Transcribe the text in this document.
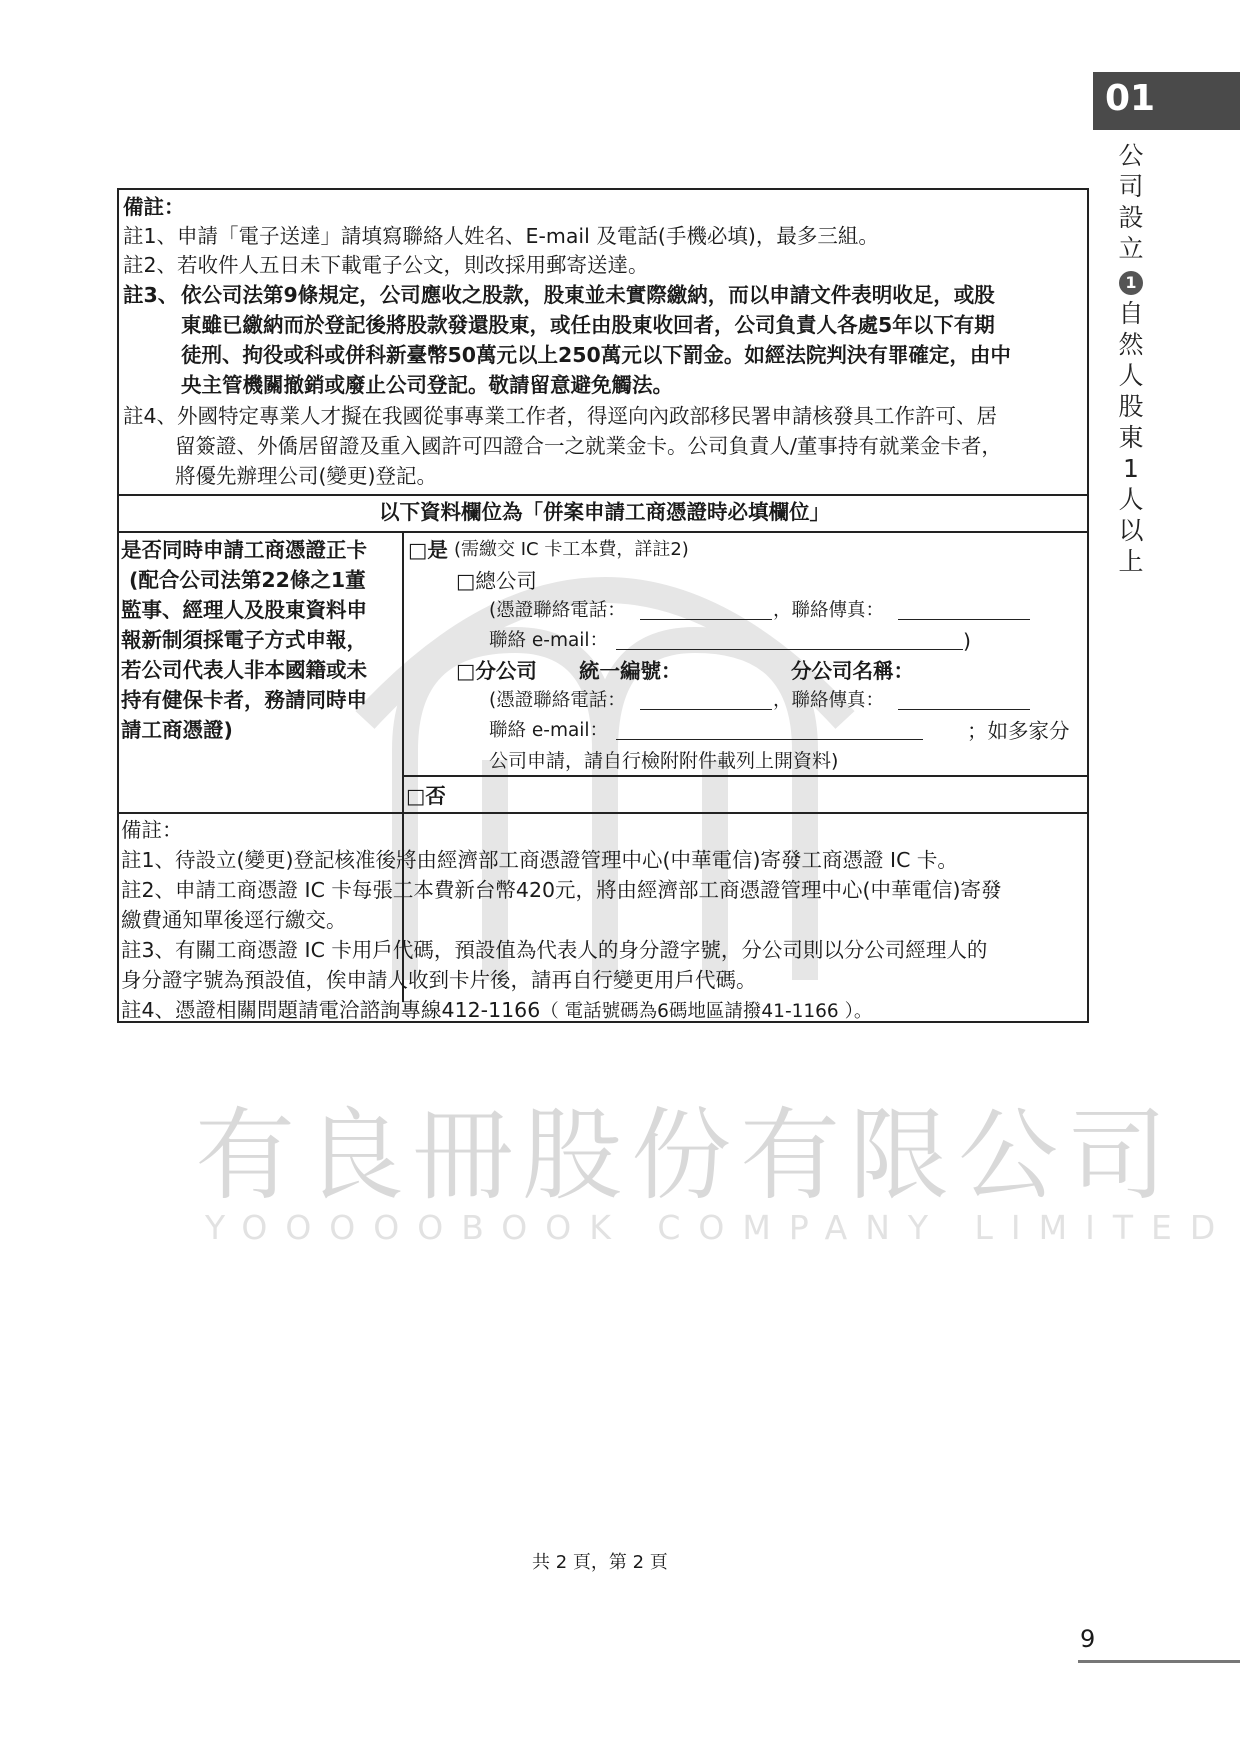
有良冊股份有限公司
YOOOOOBOOK COMPANY LIMITED
01
公
司
設
立
1
自
然
人
股
東
1
人
以
上
備註：
註1、申請「電子送達」請填寫聯絡人姓名、E-mail 及電話(手機必填)，最多三組。
註2、若收件人五日未下載電子公文，則改採用郵寄送達。
註3、 依公司法第9條規定，公司應收之股款，股東並未實際繳納，而以申請文件表明收足，或股
東雖已繳納而於登記後將股款發還股東，或任由股東收回者，公司負責人各處5年以下有期
徒刑、拘役或科或併科新臺幣50萬元以上250萬元以下罰金。如經法院判決有罪確定，由中
央主管機關撤銷或廢止公司登記。敬請留意避免觸法。
註4、外國特定專業人才擬在我國從事專業工作者，得逕向內政部移民署申請核發具工作許可、居
留簽證、外僑居留證及重入國許可四證合一之就業金卡。公司負責人/董事持有就業金卡者，
將優先辦理公司(變更)登記。
以下資料欄位為「併案申請工商憑證時必填欄位」
是否同時申請工商憑證正卡
(配合公司法第22條之1董
監事、經理人及股東資料申
報新制須採電子方式申報，
若公司代表人非本國籍或未
持有健保卡者，務請同時申
請工商憑證)
□是 (需繳交 IC 卡工本費，詳註2)
□總公司
(憑證聯絡電話：	，聯絡傳真：
聯絡 e-mail：	)
□分公司 統一編號：	分公司名稱：
(憑證聯絡電話：	，聯絡傳真：
聯絡 e-mail：	；如多家分
公司申請，請自行檢附附件載列上開資料)
□否
備註：
註1、待設立(變更)登記核准後將由經濟部工商憑證管理中心(中華電信)寄發工商憑證 IC 卡。
註2、申請工商憑證 IC 卡每張工本費新台幣420元，將由經濟部工商憑證管理中心(中華電信)寄發
繳費通知單後逕行繳交。
註3、有關工商憑證 IC 卡用戶代碼，預設值為代表人的身分證字號，分公司則以分公司經理人的
身分證字號為預設值，俟申請人收到卡片後，請再自行變更用戶代碼。
註4、憑證相關問題請電洽諮詢專線412-1166（ 電話號碼為6碼地區請撥41-1166 ）。
共 2 頁，第 2 頁
9
